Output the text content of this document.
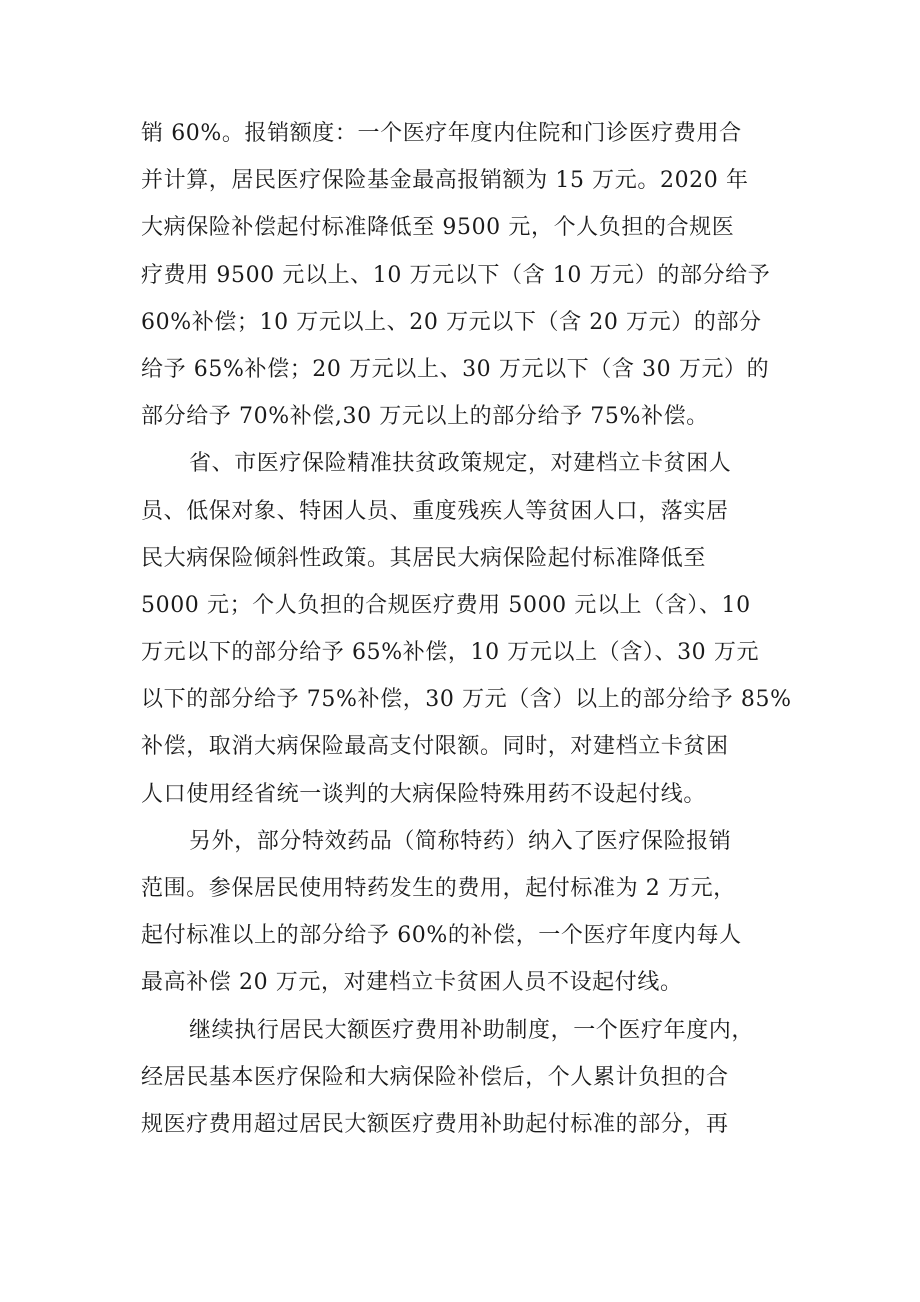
销 60%。报销额度：一个医疗年度内住院和门诊医疗费用合
并计算，居民医疗保险基金最高报销额为 15 万元。2020 年
大病保险补偿起付标准降低至 9500 元，个人负担的合规医
疗费用 9500 元以上、10 万元以下（含 10 万元）的部分给予
60%补偿；10 万元以上、20 万元以下（含 20 万元）的部分
给予 65%补偿；20 万元以上、30 万元以下（含 30 万元）的
部分给予 70%补偿,30 万元以上的部分给予 75%补偿。
省、市医疗保险精准扶贫政策规定，对建档立卡贫困人
员、低保对象、特困人员、重度残疾人等贫困人口，落实居
民大病保险倾斜性政策。其居民大病保险起付标准降低至
5000 元；个人负担的合规医疗费用 5000 元以上（含）、10
万元以下的部分给予 65%补偿，10 万元以上（含）、30 万元
以下的部分给予 75%补偿，30 万元（含）以上的部分给予 85%
补偿，取消大病保险最高支付限额。同时，对建档立卡贫困
人口使用经省统一谈判的大病保险特殊用药不设起付线。
另外，部分特效药品（简称特药）纳入了医疗保险报销
范围。参保居民使用特药发生的费用，起付标准为 2 万元，
起付标准以上的部分给予 60%的补偿，一个医疗年度内每人
最高补偿 20 万元，对建档立卡贫困人员不设起付线。
继续执行居民大额医疗费用补助制度，一个医疗年度内，
经居民基本医疗保险和大病保险补偿后，个人累计负担的合
规医疗费用超过居民大额医疗费用补助起付标准的部分，再
